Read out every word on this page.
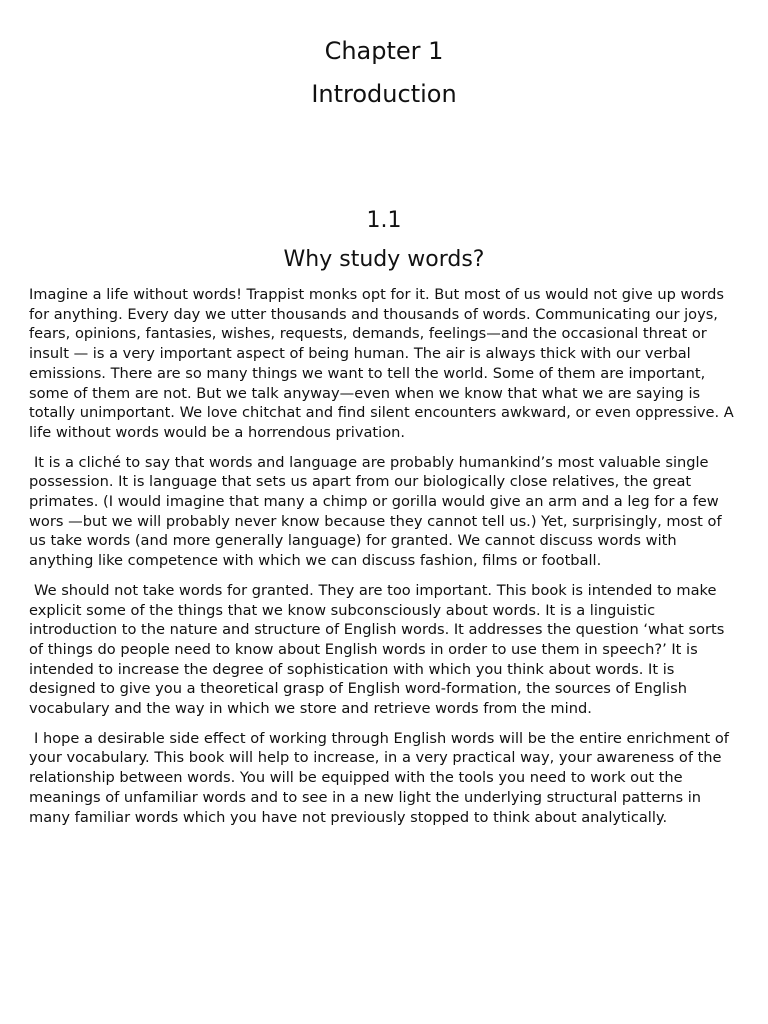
Chapter 1
Introduction
1.1
Why study words?

Imagine a life without words! Trappist monks opt for it. But most of us would not give up words for anything. Every day we utter thousands and thousands of words. Communicating our joys, fears, opinions, fantasies, wishes, requests, demands, feelings—and the occasional threat or insult — is a very important aspect of being human. The air is always thick with our verbal emissions. There are so many things we want to tell the world. Some of them are important, some of them are not. But we talk anyway—even when we know that what we are saying is totally unimportant. We love chitchat and find silent encounters awkward, or even oppressive. A life without words would be a horrendous privation.

It is a cliché to say that words and language are probably humankind’s most valuable single possession. It is language that sets us apart from our biologically close relatives, the great primates. (I would imagine that many a chimp or gorilla would give an arm and a leg for a few wors —but we will probably never know because they cannot tell us.) Yet, surprisingly, most of us take words (and more generally language) for granted. We cannot discuss words with anything like competence with which we can discuss fashion, films or football.

We should not take words for granted. They are too important. This book is intended to make explicit some of the things that we know subconsciously about words. It is a linguistic introduction to the nature and structure of English words. It addresses the question ‘what sorts of things do people need to know about English words in order to use them in speech?’ It is intended to increase the degree of sophistication with which you think about words. It is designed to give you a theoretical grasp of English word-formation, the sources of English vocabulary and the way in which we store and retrieve words from the mind.

I hope a desirable side effect of working through English words will be the entire enrichment of your vocabulary. This book will help to increase, in a very practical way, your awareness of the relationship between words. You will be equipped with the tools you need to work out the meanings of unfamiliar words and to see in a new light the underlying structural patterns in many familiar words which you have not previously stopped to think about analytically.
